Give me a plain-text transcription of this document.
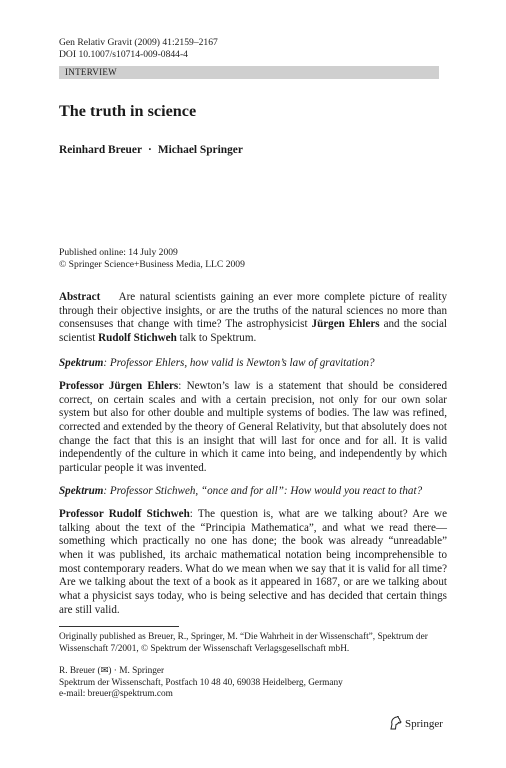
Gen Relativ Gravit (2009) 41:2159–2167
DOI 10.1007/s10714-009-0844-4
INTERVIEW
The truth in science
Reinhard Breuer · Michael Springer
Published online: 14 July 2009
© Springer Science+Business Media, LLC 2009

Abstract Are natural scientists gaining an ever more complete picture of reality through their objective insights, or are the truths of the natural sciences no more than consensuses that change with time? The astrophysicist Jürgen Ehlers and the social scientist Rudolf Stichweh talk to Spektrum.

Spektrum: Professor Ehlers, how valid is Newton’s law of gravitation?

Professor Jürgen Ehlers: Newton’s law is a statement that should be considered correct, on certain scales and with a certain precision, not only for our own solar system but also for other double and multiple systems of bodies. The law was refined, corrected and extended by the theory of General Relativity, but that absolutely does not change the fact that this is an insight that will last for once and for all. It is valid independently of the culture in which it came into being, and independently by which particular people it was invented.

Spektrum: Professor Stichweh, “once and for all”: How would you react to that?

Professor Rudolf Stichweh: The question is, what are we talking about? Are we talking about the text of the “Principia Mathematica”, and what we read there—something which practically no one has done; the book was already “unreadable” when it was published, its archaic mathematical notation being incomprehensible to most contemporary readers. What do we mean when we say that it is valid for all time? Are we talking about the text of a book as it appeared in 1687, or are we talking about what a physicist says today, who is being selective and has decided that certain things are still valid.

Originally published as Breuer, R., Springer, M. “Die Wahrheit in der Wissenschaft”, Spektrum der Wissenschaft 7/2001, © Spektrum der Wissenschaft Verlagsgesellschaft mbH.
R. Breuer (✉) · M. Springer
Spektrum der Wissenschaft, Postfach 10 48 40, 69038 Heidelberg, Germany
e-mail: breuer@spektrum.com
Springer
